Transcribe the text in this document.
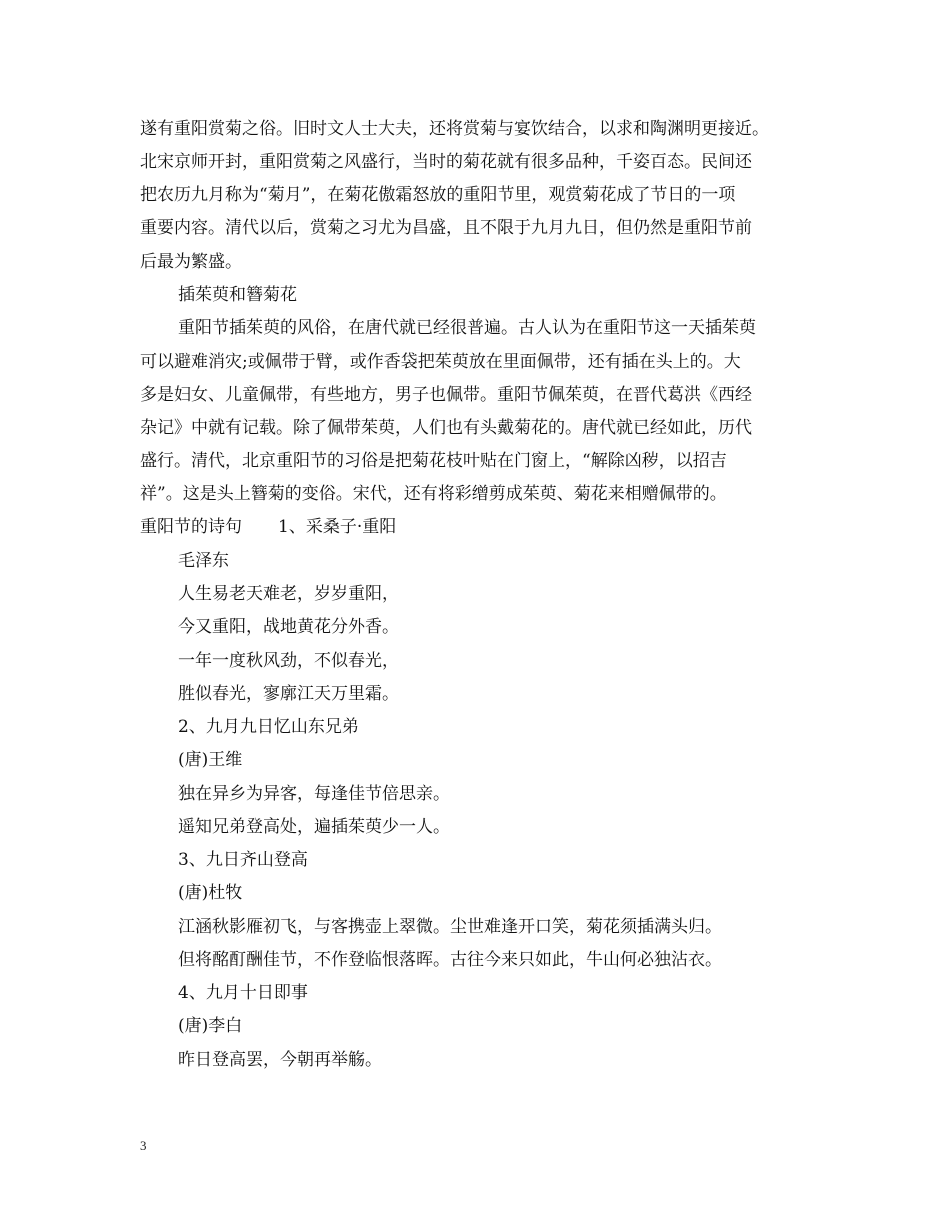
遂有重阳赏菊之俗。旧时文人士大夫，还将赏菊与宴饮结合，以求和陶渊明更接近。
北宋京师开封，重阳赏菊之风盛行，当时的菊花就有很多品种，千姿百态。民间还
把农历九月称为“菊月”，在菊花傲霜怒放的重阳节里，观赏菊花成了节日的一项
重要内容。清代以后，赏菊之习尤为昌盛，且不限于九月九日，但仍然是重阳节前
后最为繁盛。
插茱萸和簪菊花
重阳节插茱萸的风俗，在唐代就已经很普遍。古人认为在重阳节这一天插茱萸
可以避难消灾;或佩带于臂，或作香袋把茱萸放在里面佩带，还有插在头上的。大
多是妇女、儿童佩带，有些地方，男子也佩带。重阳节佩茱萸，在晋代葛洪《西经
杂记》中就有记载。除了佩带茱萸，人们也有头戴菊花的。唐代就已经如此，历代
盛行。清代，北京重阳节的习俗是把菊花枝叶贴在门窗上，“解除凶秽，以招吉
祥”。这是头上簪菊的变俗。宋代，还有将彩缯剪成茱萸、菊花来相赠佩带的。
重阳节的诗句 1、采桑子·重阳
毛泽东
人生易老天难老，岁岁重阳，
今又重阳，战地黄花分外香。
一年一度秋风劲，不似春光，
胜似春光，寥廓江天万里霜。
2、九月九日忆山东兄弟
(唐)王维
独在异乡为异客，每逢佳节倍思亲。
遥知兄弟登高处，遍插茱萸少一人。
3、九日齐山登高
(唐)杜牧
江涵秋影雁初飞，与客携壶上翠微。尘世难逢开口笑，菊花须插满头归。
但将酩酊酬佳节，不作登临恨落晖。古往今来只如此，牛山何必独沾衣。
4、九月十日即事
(唐)李白
昨日登高罢，今朝再举觞。
3
